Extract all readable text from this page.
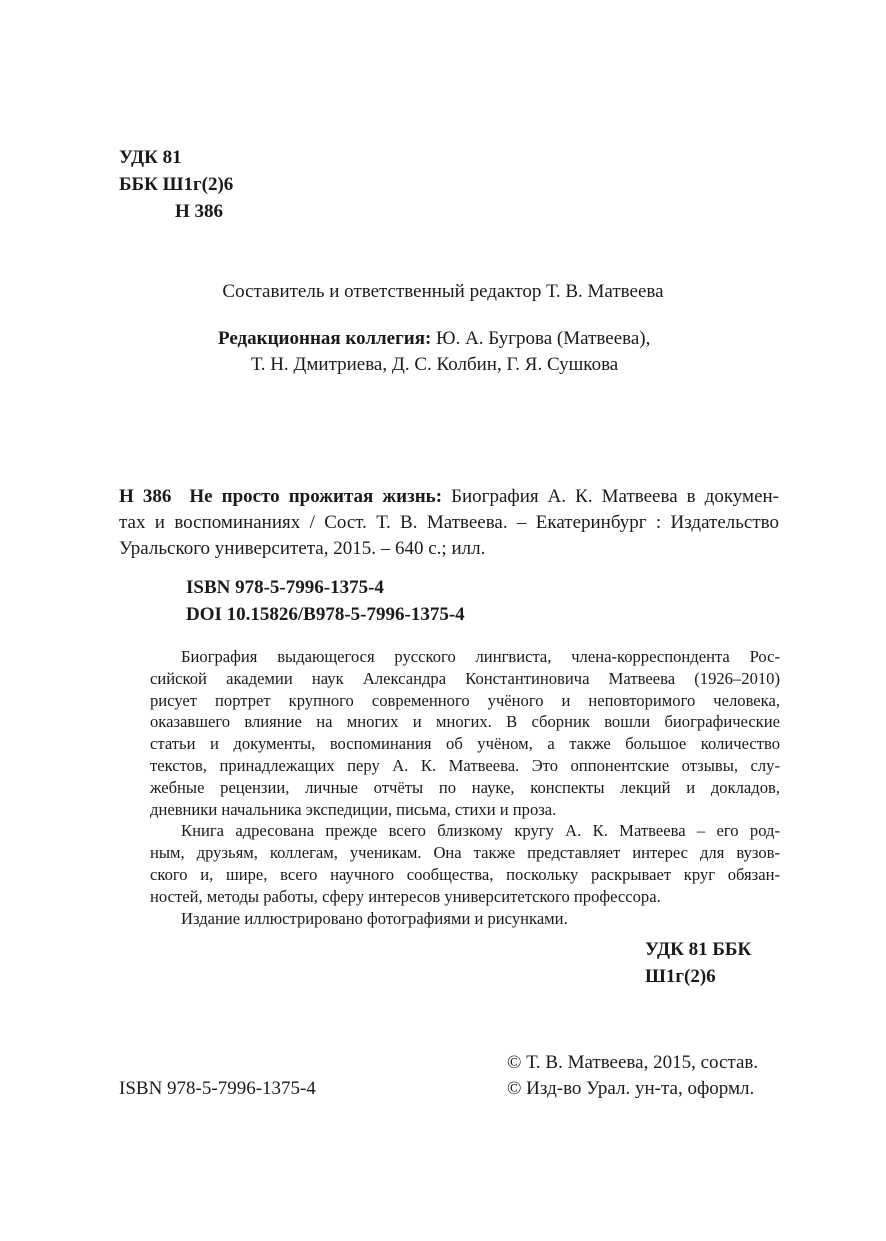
УДК 81
ББК Ш1г(2)6
Н 386
Составитель и ответственный редактор Т. В. Матвеева
Редакционная коллегия: Ю. А. Бугрова (Матвеева),
Т. Н. Дмитриева, Д. С. Колбин, Г. Я. Сушкова
Н 386 Не просто прожитая жизнь: Биография А. К. Матвеева в докумен-
тах и воспоминаниях / Сост. Т. В. Матвеева. – Екатеринбург : Издательство
Уральского университета, 2015. – 640 с.; илл.
ISBN 978-5-7996-1375-4
DOI 10.15826/B978-5-7996-1375-4
Биография выдающегося русского лингвиста, члена-корреспондента Рос-
сийской академии наук Александра Константиновича Матвеева (1926–2010)
рисует портрет крупного современного учёного и неповторимого человека,
оказавшего влияние на многих и многих. В сборник вошли биографические
статьи и документы, воспоминания об учёном, а также большое количество
текстов, принадлежащих перу А. К. Матвеева. Это оппонентские отзывы, слу-
жебные рецензии, личные отчёты по науке, конспекты лекций и докладов,
дневники начальника экспедиции, письма, стихи и проза.
Книга адресована прежде всего близкому кругу А. К. Матвеева – его род-
ным, друзьям, коллегам, ученикам. Она также представляет интерес для вузов-
ского и, шире, всего научного сообщества, поскольку раскрывает круг обязан-
ностей, методы работы, сферу интересов университетского профессора.
Издание иллюстрировано фотографиями и рисунками.
УДК 81 ББК
Ш1г(2)6
© Т. В. Матвеева, 2015, состав.
© Изд-во Урал. ун-та, оформл.
ISBN 978-5-7996-1375-4
